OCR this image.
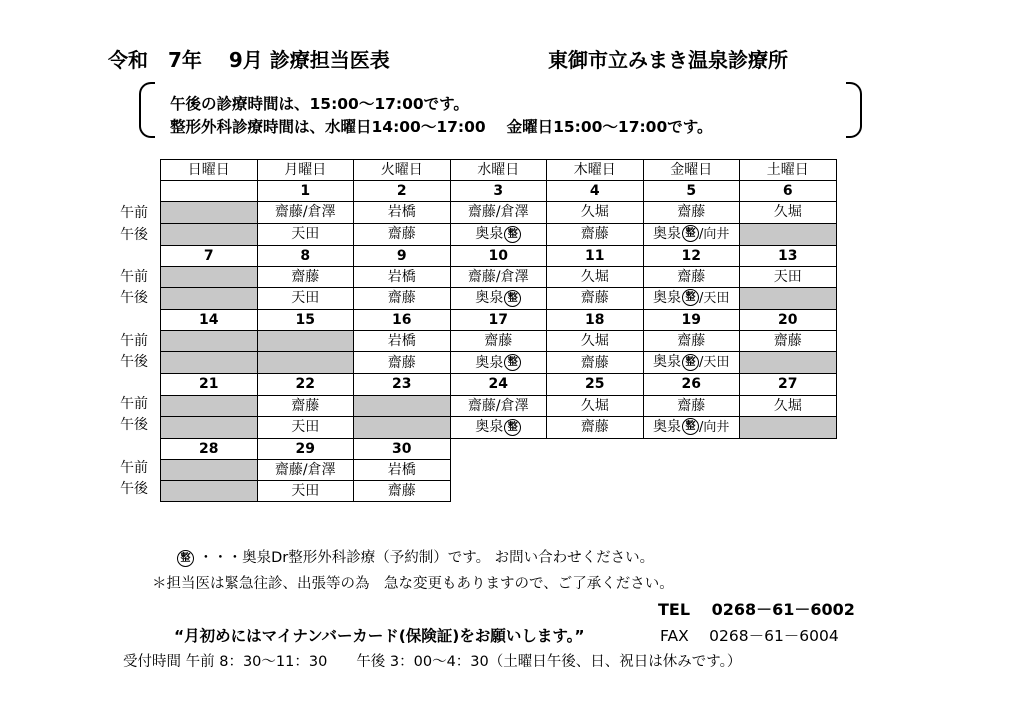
令和　7年　 9月 診療担当医表	東御市立みまき温泉診療所
午後の診療時間は、15:00～17:00です。
整形外科診療時間は、水曜日14:00～17:00　 金曜日15:00～17:00です。
午前
午後
午前
午後
午前
午後
午前
午後
午前
午後
日曜日	月曜日	火曜日	水曜日	木曜日	金曜日	土曜日
	1	2	3	4	5	6
	齋藤/倉澤	岩橋	齋藤/倉澤	久堀	齋藤	久堀
	天田	齋藤	奥泉 整	齋藤	奥泉 整 /向井	
7	8	9	10	11	12	13
	齋藤	岩橋	齋藤/倉澤	久堀	齋藤	天田
	天田	齋藤	奥泉 整	齋藤	奥泉 整 /天田	
14	15	16	17	18	19	20
		岩橋	齋藤	久堀	齋藤	齋藤
		齋藤	奥泉 整	齋藤	奥泉 整 /天田	
21	22	23	24	25	26	27
	齋藤		齋藤/倉澤	久堀	齋藤	久堀
	天田		奥泉 整	齋藤	奥泉 整 /向井	
28	29	30				
	齋藤/倉澤	岩橋				
	天田	齋藤				
整 ・・・奥泉Dr整形外科診療（予約制）です。 お問い合わせください。
＊担当医は緊急往診、出張等の為　急な変更もありますので、ご了承ください。
TEL　 0268－61－6002
“月初めにはマイナンバーカード(保険証)をお願いします。”	FAX　 0268－61－6004
受付時間 午前 8：30～11：30　　午後 3：00～4：30（土曜日午後、日、祝日は休みです。）
